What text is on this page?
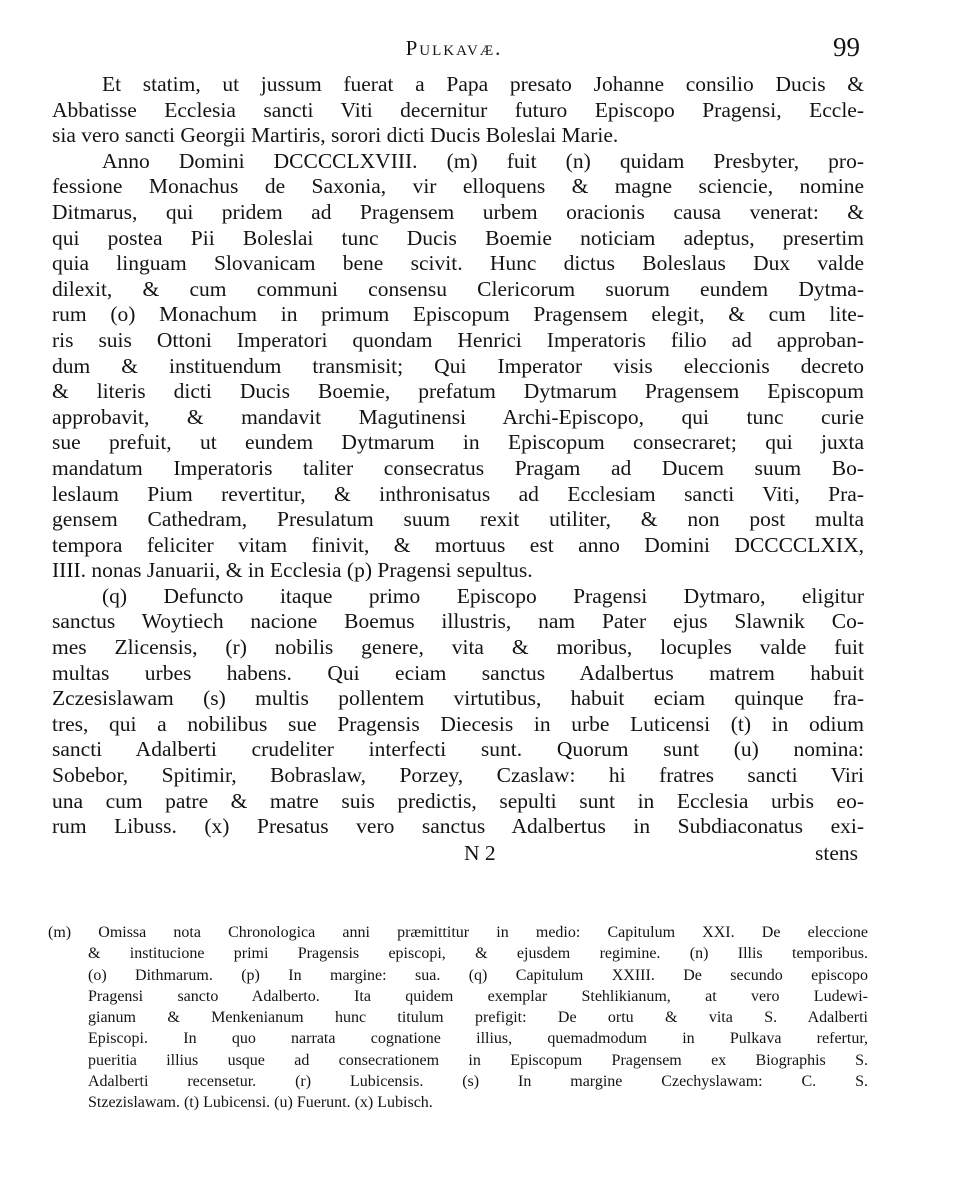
Pulkavæ.	99
Et statim, ut jussum fuerat a Papa presato Johanne consilio Ducis &
Abbatisse Ecclesia sancti Viti decernitur futuro Episcopo Pragensi, Eccle-
sia vero sancti Georgii Martiris, sorori dicti Ducis Boleslai Marie.
Anno Domini DCCCCLXVIII. (m) fuit (n) quidam Presbyter, pro-
fessione Monachus de Saxonia, vir elloquens & magne sciencie, nomine
Ditmarus, qui pridem ad Pragensem urbem oracionis causa venerat: &
qui postea Pii Boleslai tunc Ducis Boemie noticiam adeptus, presertim
quia linguam Slovanicam bene scivit. Hunc dictus Boleslaus Dux valde
dilexit, & cum communi consensu Clericorum suorum eundem Dytma-
rum (o) Monachum in primum Episcopum Pragensem elegit, & cum lite-
ris suis Ottoni Imperatori quondam Henrici Imperatoris filio ad approban-
dum & instituendum transmisit; Qui Imperator visis eleccionis decreto
& literis dicti Ducis Boemie, prefatum Dytmarum Pragensem Episcopum
approbavit, & mandavit Magutinensi Archi-Episcopo, qui tunc curie
sue prefuit, ut eundem Dytmarum in Episcopum consecraret; qui juxta
mandatum Imperatoris taliter consecratus Pragam ad Ducem suum Bo-
leslaum Pium revertitur, & inthronisatus ad Ecclesiam sancti Viti, Pra-
gensem Cathedram, Presulatum suum rexit utiliter, & non post multa
tempora feliciter vitam finivit, & mortuus est anno Domini DCCCCLXIX,
IIII. nonas Januarii, & in Ecclesia (p) Pragensi sepultus.
(q) Defuncto itaque primo Episcopo Pragensi Dytmaro, eligitur
sanctus Woytiech nacione Boemus illustris, nam Pater ejus Slawnik Co-
mes Zlicensis, (r) nobilis genere, vita & moribus, locuples valde fuit
multas urbes habens. Qui eciam sanctus Adalbertus matrem habuit
Zczesislawam (s) multis pollentem virtutibus, habuit eciam quinque fra-
tres, qui a nobilibus sue Pragensis Diecesis in urbe Luticensi (t) in odium
sancti Adalberti crudeliter interfecti sunt. Quorum sunt (u) nomina:
Sobebor, Spitimir, Bobraslaw, Porzey, Czaslaw: hi fratres sancti Viri
una cum patre & matre suis predictis, sepulti sunt in Ecclesia urbis eo-
rum Libuss. (x) Presatus vero sanctus Adalbertus in Subdiaconatus exi-
N 2	stens
(m) Omissa nota Chronologica anni præmittitur in medio: Capitulum XXI. De eleccione
& institucione primi Pragensis episcopi, & ejusdem regimine. (n) Illis temporibus.
(o) Dithmarum. (p) In margine: sua. (q) Capitulum XXIII. De secundo episcopo
Pragensi sancto Adalberto. Ita quidem exemplar Stehlikianum, at vero Ludewi-
gianum & Menkenianum hunc titulum prefigit: De ortu & vita S. Adalberti
Episcopi. In quo narrata cognatione illius, quemadmodum in Pulkava refertur,
pueritia illius usque ad consecrationem in Episcopum Pragensem ex Biographis S.
Adalberti recensetur. (r) Lubicensis. (s) In margine Czechyslawam: C. S.
Stzezislawam. (t) Lubicensi. (u) Fuerunt. (x) Lubisch.
